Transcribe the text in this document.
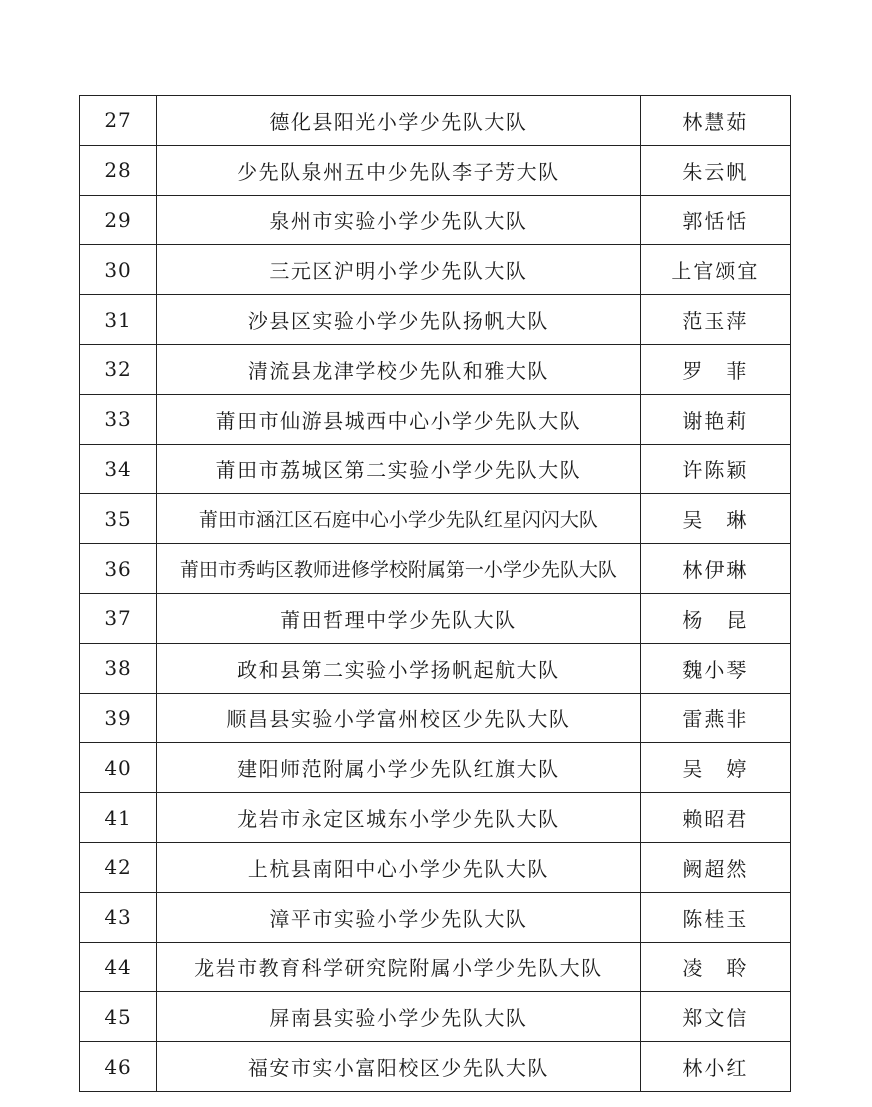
27	德化县阳光小学少先队大队	林慧茹
28	少先队泉州五中少先队李子芳大队	朱云帆
29	泉州市实验小学少先队大队	郭恬恬
30	三元区沪明小学少先队大队	上官颂宜
31	沙县区实验小学少先队扬帆大队	范玉萍
32	清流县龙津学校少先队和雅大队	罗　菲
33	莆田市仙游县城西中心小学少先队大队	谢艳莉
34	莆田市荔城区第二实验小学少先队大队	许陈颖
35	莆田市涵江区石庭中心小学少先队红星闪闪大队	吴　琳
36	莆田市秀屿区教师进修学校附属第一小学少先队大队	林伊琳
37	莆田哲理中学少先队大队	杨　昆
38	政和县第二实验小学扬帆起航大队	魏小琴
39	顺昌县实验小学富州校区少先队大队	雷燕非
40	建阳师范附属小学少先队红旗大队	吴　婷
41	龙岩市永定区城东小学少先队大队	赖昭君
42	上杭县南阳中心小学少先队大队	阙超然
43	漳平市实验小学少先队大队	陈桂玉
44	龙岩市教育科学研究院附属小学少先队大队	凌　聆
45	屏南县实验小学少先队大队	郑文信
46	福安市实小富阳校区少先队大队	林小红
